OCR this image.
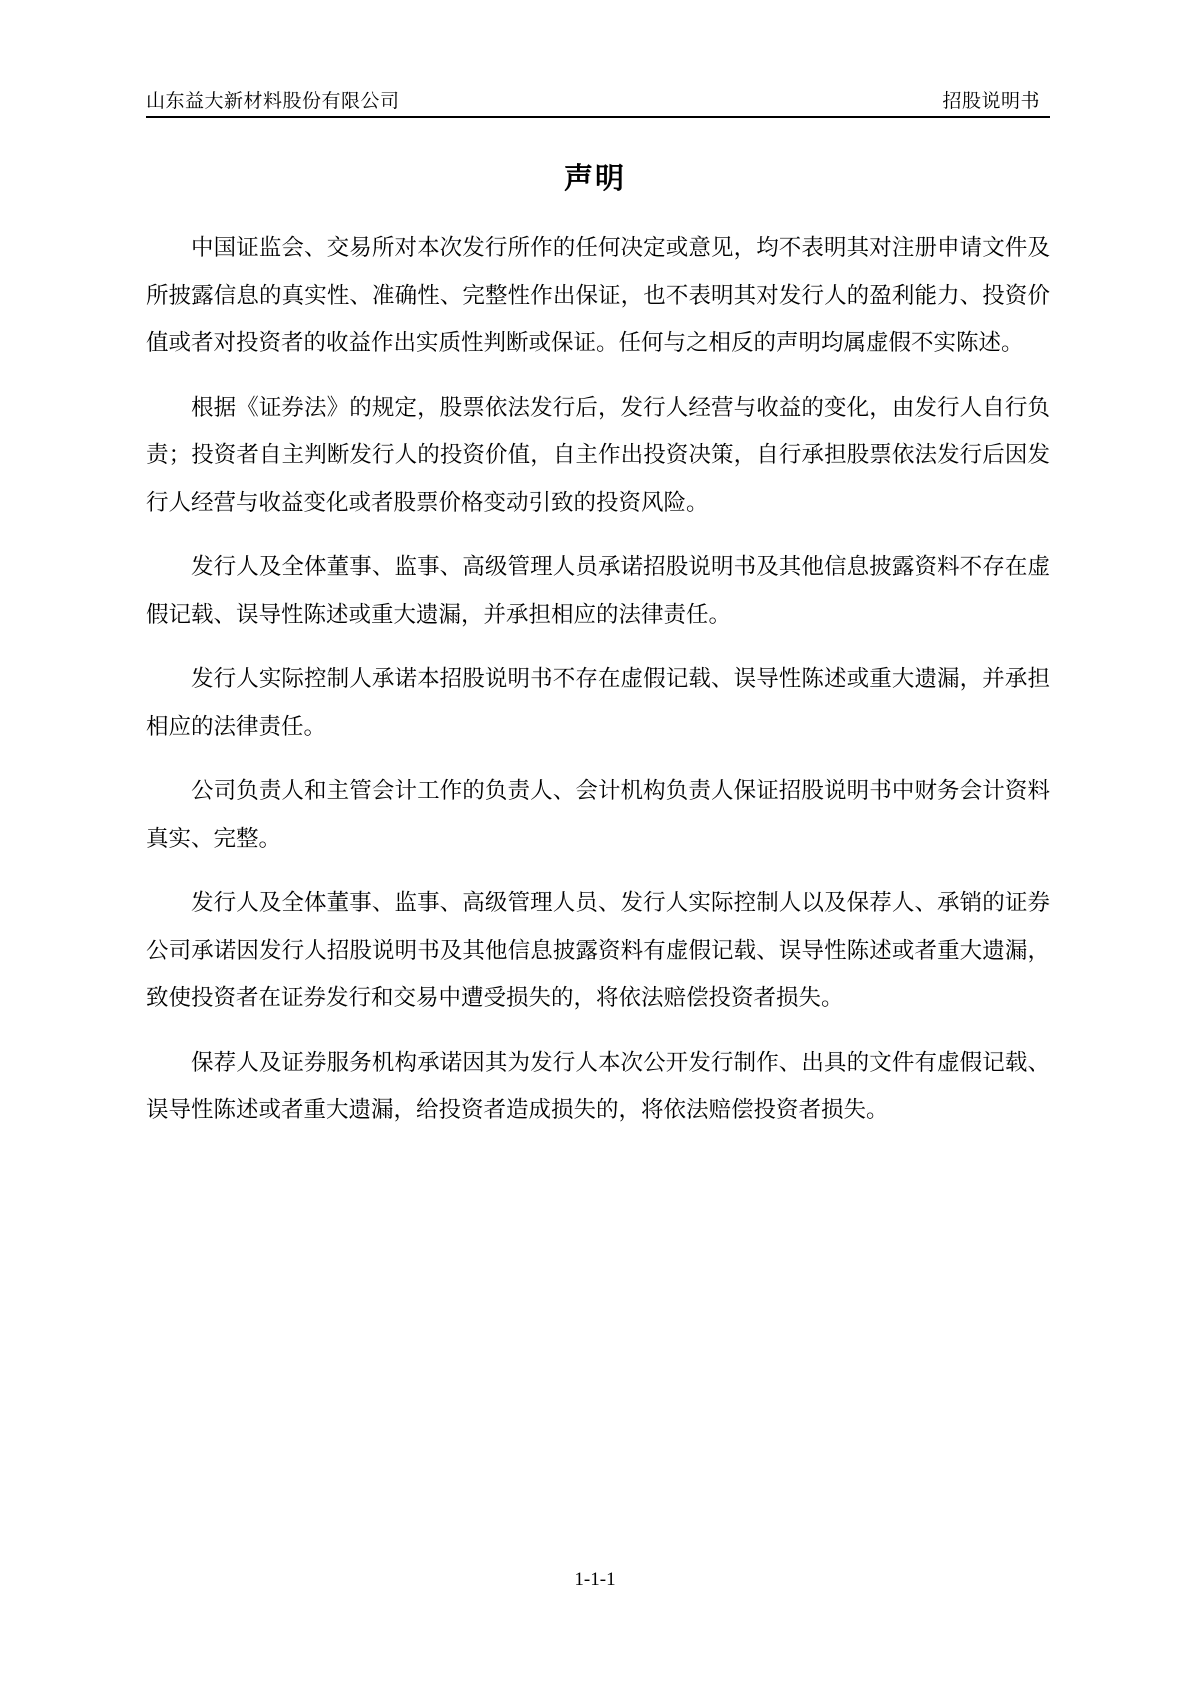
山东益大新材料股份有限公司	招股说明书
声明

中国证监会、交易所对本次发行所作的任何决定或意见，均不表明其对注册申请文件及所披露信息的真实性、准确性、完整性作出保证，也不表明其对发行人的盈利能力、投资价值或者对投资者的收益作出实质性判断或保证。任何与之相反的声明均属虚假不实陈述。

根据《证券法》的规定，股票依法发行后，发行人经营与收益的变化，由发行人自行负责；投资者自主判断发行人的投资价值，自主作出投资决策，自行承担股票依法发行后因发行人经营与收益变化或者股票价格变动引致的投资风险。

发行人及全体董事、监事、高级管理人员承诺招股说明书及其他信息披露资料不存在虚假记载、误导性陈述或重大遗漏，并承担相应的法律责任。

发行人实际控制人承诺本招股说明书不存在虚假记载、误导性陈述或重大遗漏，并承担相应的法律责任。

公司负责人和主管会计工作的负责人、会计机构负责人保证招股说明书中财务会计资料真实、完整。

发行人及全体董事、监事、高级管理人员、发行人实际控制人以及保荐人、承销的证券公司承诺因发行人招股说明书及其他信息披露资料有虚假记载、误导性陈述或者重大遗漏，致使投资者在证券发行和交易中遭受损失的，将依法赔偿投资者损失。

保荐人及证券服务机构承诺因其为发行人本次公开发行制作、出具的文件有虚假记载、误导性陈述或者重大遗漏，给投资者造成损失的，将依法赔偿投资者损失。

1-1-1
